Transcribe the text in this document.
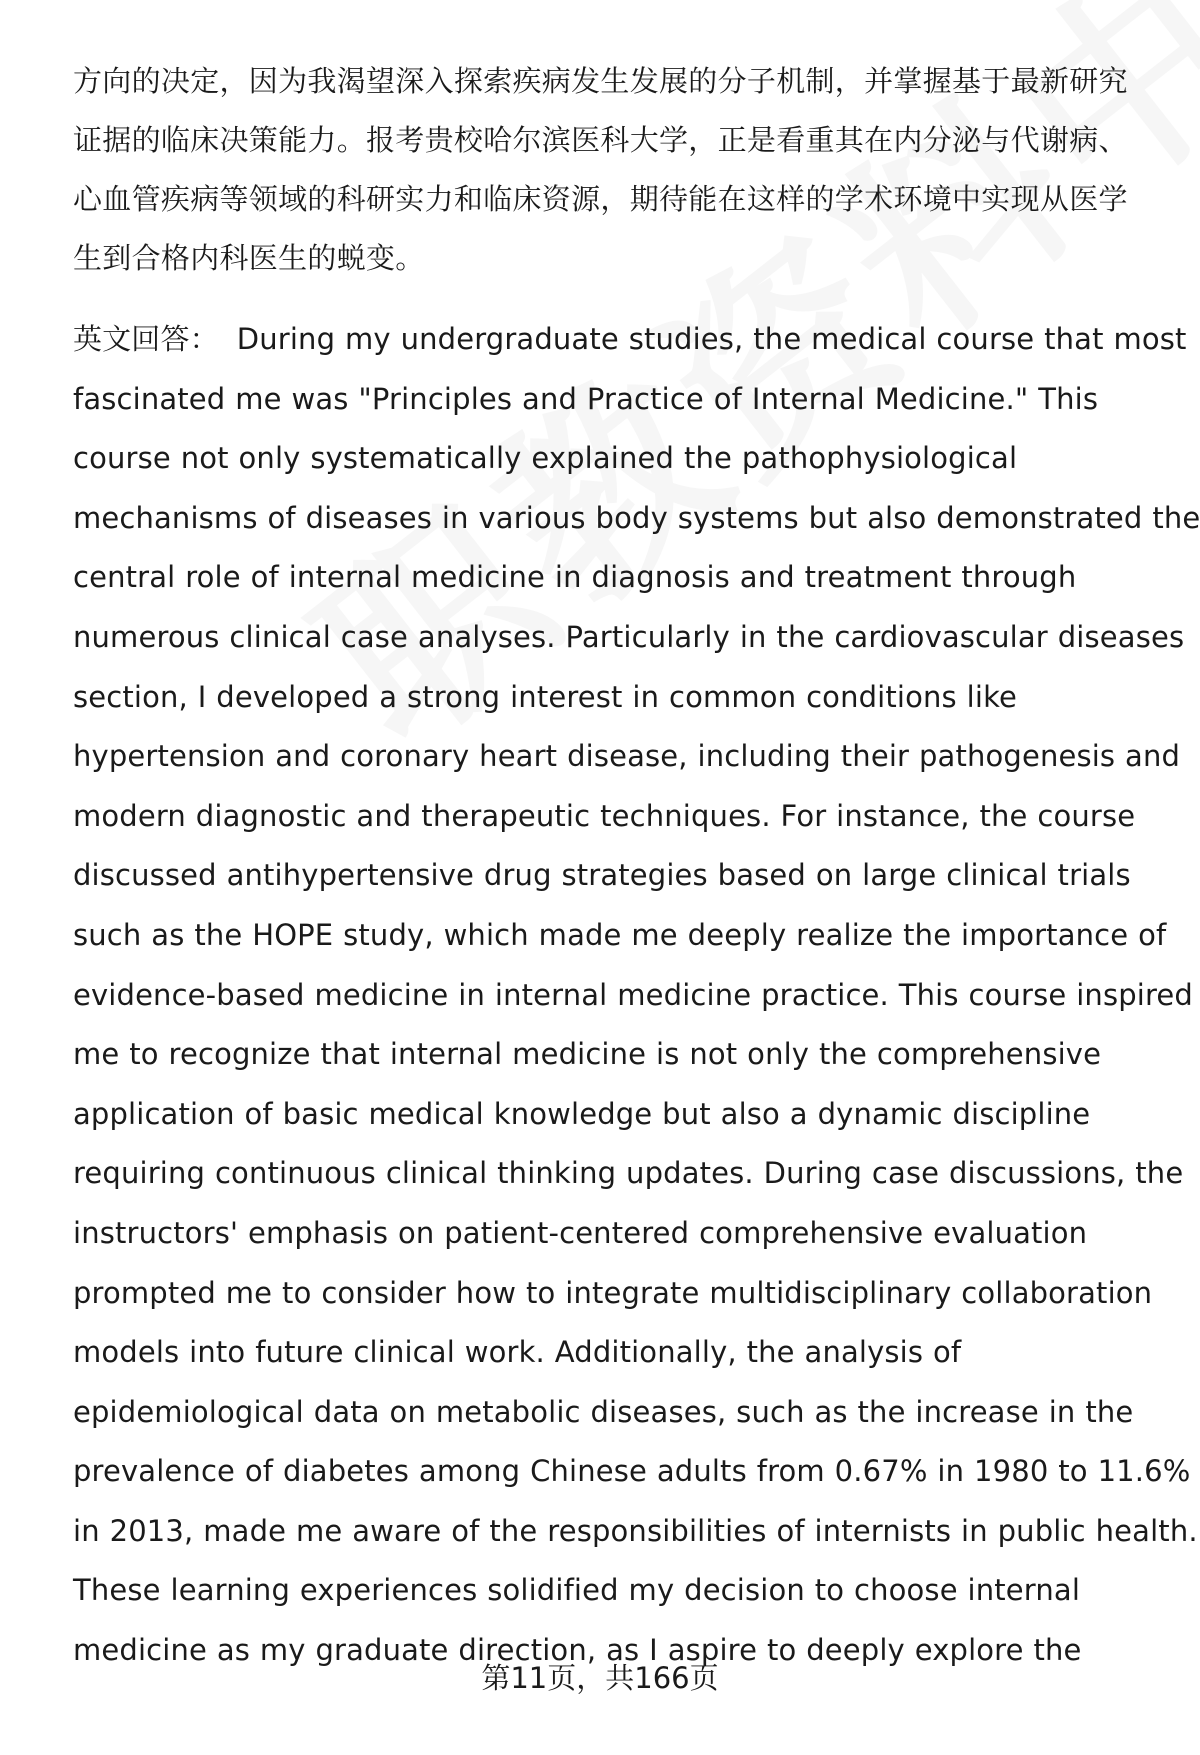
方向的决定，因为我渴望深入探索疾病发生发展的分子机制，并掌握基于最新研究
证据的临床决策能力。报考贵校哈尔滨医科大学，正是看重其在内分泌与代谢病、
心血管疾病等领域的科研实力和临床资源，期待能在这样的学术环境中实现从医学
生到合格内科医生的蜕变。

英文回答： During my undergraduate studies, the medical course that most
fascinated me was "Principles and Practice of Internal Medicine." This
course not only systematically explained the pathophysiological
mechanisms of diseases in various body systems but also demonstrated the
central role of internal medicine in diagnosis and treatment through
numerous clinical case analyses. Particularly in the cardiovascular diseases
section, I developed a strong interest in common conditions like
hypertension and coronary heart disease, including their pathogenesis and
modern diagnostic and therapeutic techniques. For instance, the course
discussed antihypertensive drug strategies based on large clinical trials
such as the HOPE study, which made me deeply realize the importance of
evidence-based medicine in internal medicine practice. This course inspired
me to recognize that internal medicine is not only the comprehensive
application of basic medical knowledge but also a dynamic discipline
requiring continuous clinical thinking updates. During case discussions, the
instructors' emphasis on patient-centered comprehensive evaluation
prompted me to consider how to integrate multidisciplinary collaboration
models into future clinical work. Additionally, the analysis of
epidemiological data on metabolic diseases, such as the increase in the
prevalence of diabetes among Chinese adults from 0.67% in 1980 to 11.6%
in 2013, made me aware of the responsibilities of internists in public health.
These learning experiences solidified my decision to choose internal
medicine as my graduate direction, as I aspire to deeply explore the

第11页，共166页
